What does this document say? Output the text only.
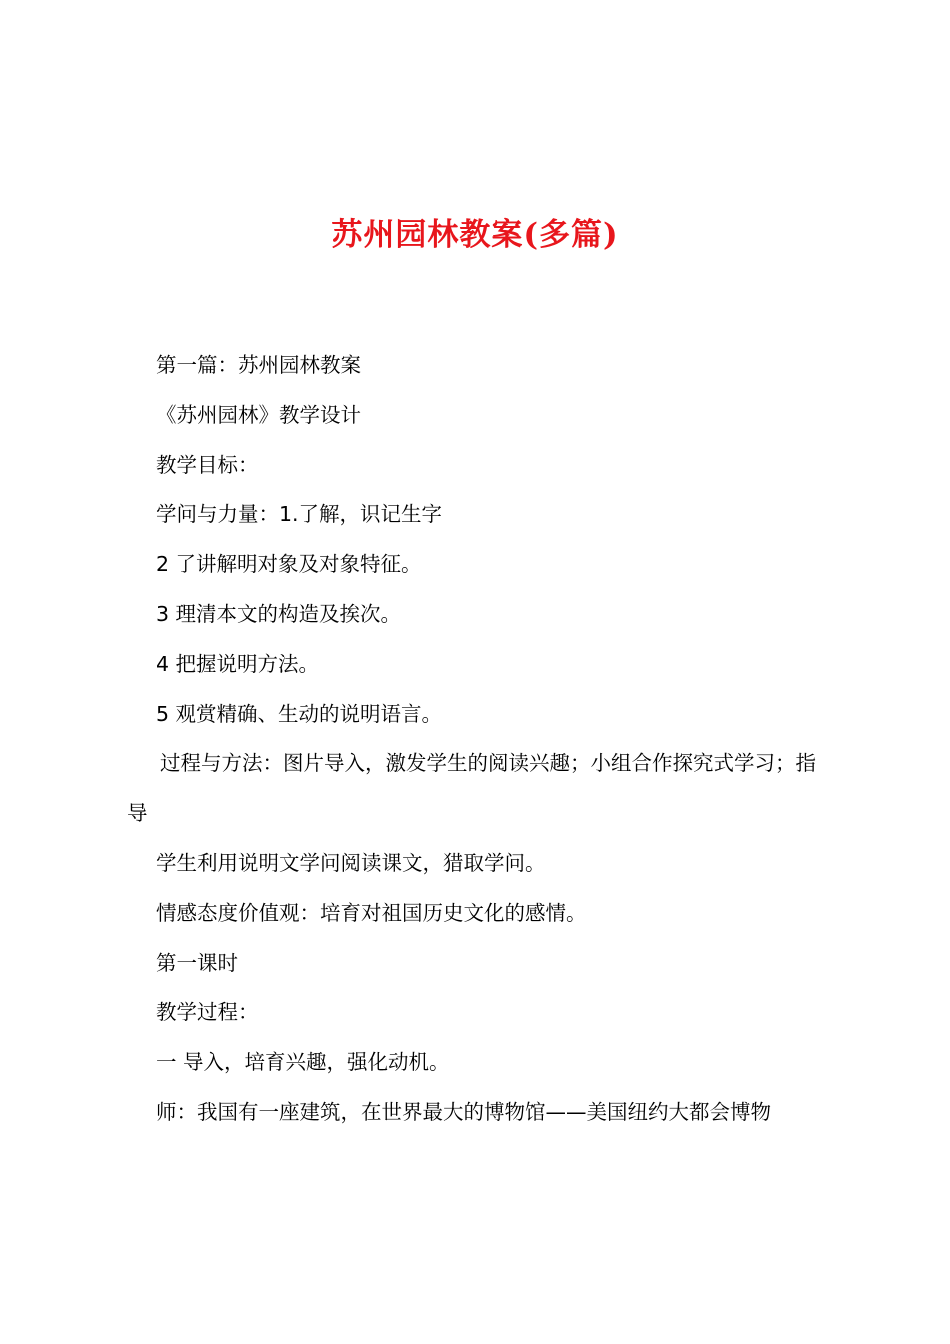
苏州园林教案(多篇)

第一篇：苏州园林教案

《苏州园林》教学设计

教学目标：

学问与力量：1.了解，识记生字

2 了讲解明对象及对象特征。

3 理清本文的构造及挨次。

4 把握说明方法。

5 观赏精确、生动的说明语言。

过程与方法：图片导入，激发学生的阅读兴趣；小组合作探究式学习；指导

学生利用说明文学问阅读课文，猎取学问。

情感态度价值观：培育对祖国历史文化的感情。

第一课时

教学过程：

一 导入，培育兴趣，强化动机。

师：我国有一座建筑，在世界最大的博物馆——美国纽约大都会博物
